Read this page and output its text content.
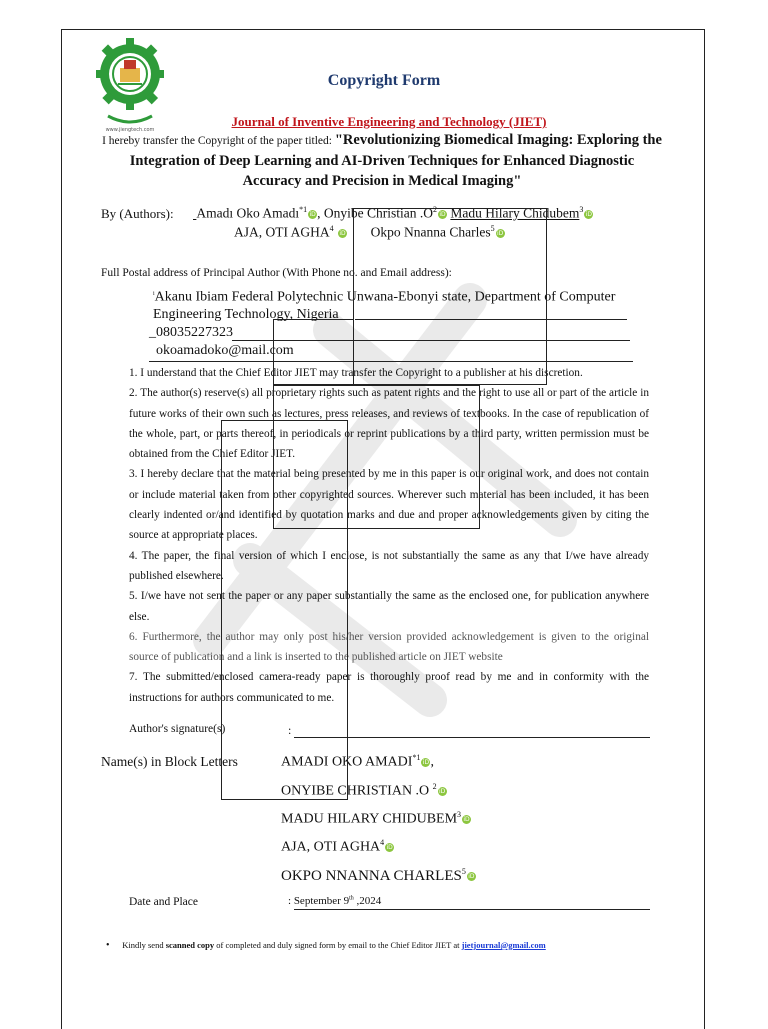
www.jiengtech.com
Copyright Form
Journal of Inventive Engineering and Technology (JIET)
I hereby transfer the Copyright of the paper titled: "Revolutionizing Biomedical Imaging: Exploring the Integration of Deep Learning and AI-Driven Techniques for Enhanced Diagnostic Accuracy and Precision in Medical Imaging"
By (Authors): Amadı Oko Amadı$^{*1}$iD, Onyibe Christian $.O^2iD$ Madu Hilary Chidubem$^3$iD
AJA, OTI AGHA$^4$ iD Okpo Nnanna Charles$^5$iD
Full Postal address of Principal Author (With Phone no. and Email address):
$^i$Akanu Ibiam Federal Polytechnic Unwana-Ebonyi state, Department of Computer Engineering Technology, Nigeria
_08035227323
okoamadoko@mail.com

1. I understand that the Chief Editor JIET may transfer the Copyright to a publisher at his discretion.

2. The author(s) reserve(s) all proprietary rights such as patent rights and the right to use all or part of the article in future works of their own such as lectures, press releases, and reviews of textbooks. In the case of republication of the whole, part, or parts thereof, in periodicals or reprint publications by a third party, written permission must be obtained from the Chief Editor JIET.

3. I hereby declare that the material being presented by me in this paper is our original work, and does not contain or include material taken from other copyrighted sources. Wherever such material has been included, it has been clearly indented or/and identified by quotation marks and due and proper acknowledgements given by citing the source at appropriate places.

4. The paper, the final version of which I enclose, is not substantially the same as any that I/we have already published elsewhere.

5. I/we have not sent the paper or any paper substantially the same as the enclosed one, for publication anywhere else.

6. Furthermore, the author may only post his/her version provided acknowledgement is given to the original source of publication and a link is inserted to the published article on JIET website

7. The submitted/enclosed camera-ready paper is thoroughly proof read by me and in conformity with the instructions for authors communicated to me.

Author's signature(s)	:
Name(s) in Block Letters	AMADI OKO AMADI$^{*1}$iD,
ONYIBE CHRISTIAN .O $^2$iD
MADU HILARY CHIDUBEM$^3$iD
AJA, OTI AGHA$^4$iD
OKPO NNANNA CHARLES$^5$iD
Date and Place	: September 9th ,2024
• Kindly send scanned copy of completed and duly signed form by email to the Chief Editor JIET at jietjournal@gmail.com
